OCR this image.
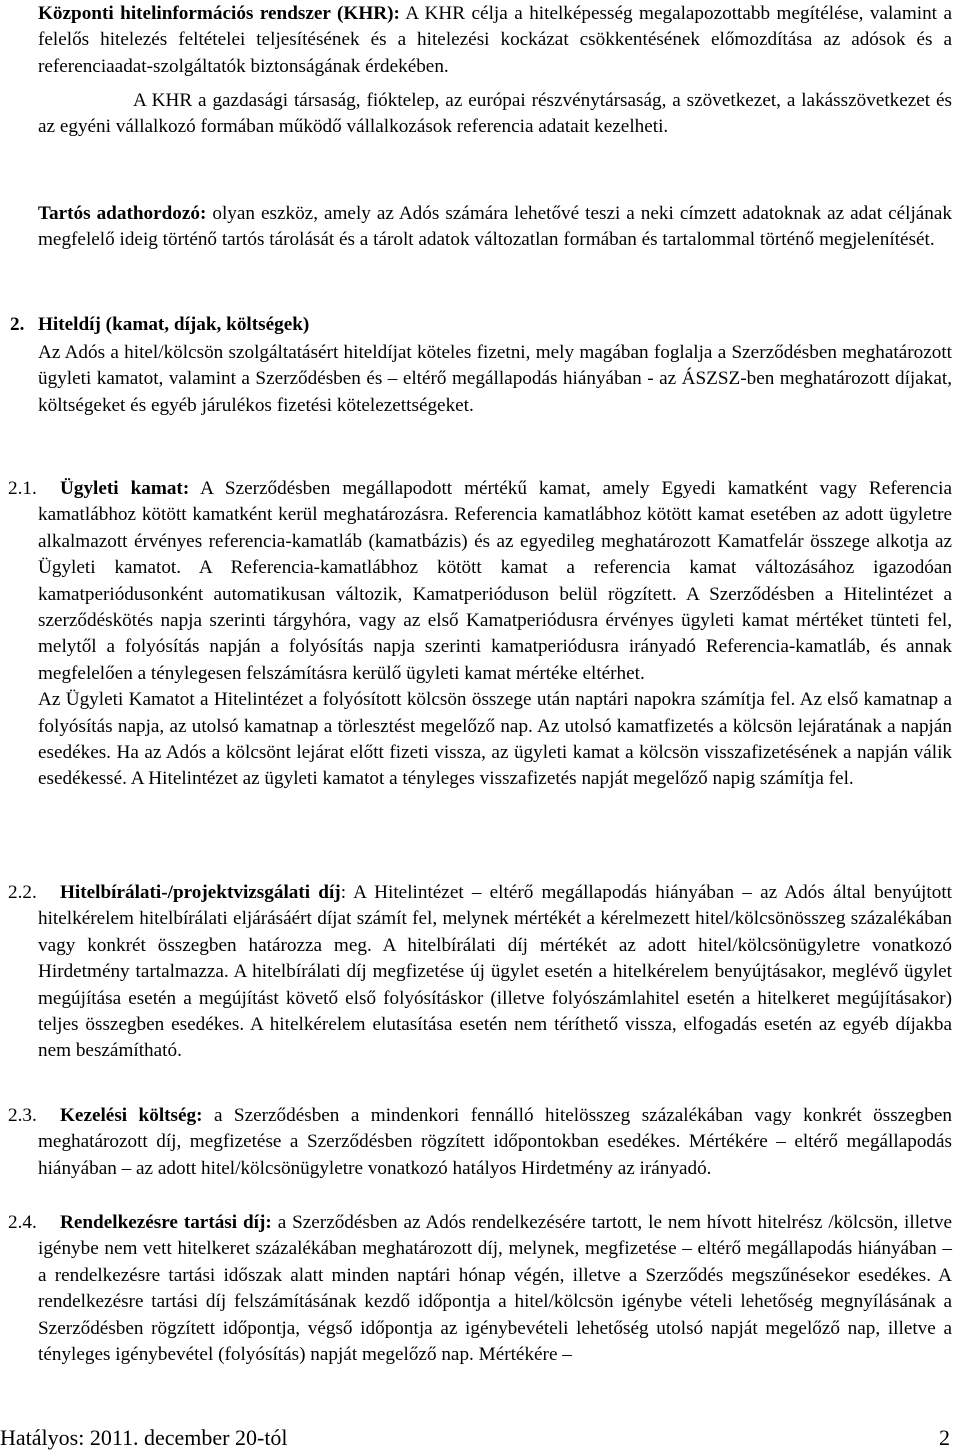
Központi hitelinformációs rendszer (KHR): A KHR célja a hitelképesség megalapozottabb megítélése, valamint a felelős hitelezés feltételei teljesítésének és a hitelezési kockázat csökkentésének előmozdítása az adósok és a referenciaadat-szolgáltatók biztonságának érdekében.

A KHR a gazdasági társaság, fióktelep, az európai részvénytársaság, a szövetkezet, a lakásszövetkezet és az egyéni vállalkozó formában működő vállalkozások referencia adatait kezelheti.

Tartós adathordozó: olyan eszköz, amely az Adós számára lehetővé teszi a neki címzett adatoknak az adat céljának megfelelő ideig történő tartós tárolását és a tárolt adatok változatlan formában és tartalommal történő megjelenítését.

2. Hiteldíj (kamat, díjak, költségek)

Az Adós a hitel/kölcsön szolgáltatásért hiteldíjat köteles fizetni, mely magában foglalja a Szerződésben meghatározott ügyleti kamatot, valamint a Szerződésben és – eltérő megállapodás hiányában - az ÁSZSZ-ben meghatározott díjakat, költségeket és egyéb járulékos fizetési kötelezettségeket.

2.1.	Ügyleti kamat: A Szerződésben megállapodott mértékű kamat, amely Egyedi kamatként vagy Referencia kamatlábhoz kötött kamatként kerül meghatározásra. Referencia kamatlábhoz kötött kamat esetében az adott ügyletre alkalmazott érvényes referencia-kamatláb (kamatbázis) és az egyedileg meghatározott Kamatfelár összege alkotja az Ügyleti kamatot. A Referencia-kamatlábhoz kötött kamat a referencia kamat változásához igazodóan kamatperiódusonként automatikusan változik, Kamatperióduson belül rögzített. A Szerződésben a Hitelintézet a szerződéskötés napja szerinti tárgyhóra, vagy az első Kamatperiódusra érvényes ügyleti kamat mértéket tünteti fel, melytől a folyósítás napján a folyósítás napja szerinti kamatperiódusra irányadó Referencia-kamatláb, és annak megfelelően a ténylegesen felszámításra kerülő ügyleti kamat mértéke eltérhet.

Az Ügyleti Kamatot a Hitelintézet a folyósított kölcsön összege után naptári napokra számítja fel. Az első kamatnap a folyósítás napja, az utolsó kamatnap a törlesztést megelőző nap. Az utolsó kamatfizetés a kölcsön lejáratának a napján esedékes. Ha az Adós a kölcsönt lejárat előtt fizeti vissza, az ügyleti kamat a kölcsön visszafizetésének a napján válik esedékessé. A Hitelintézet az ügyleti kamatot a tényleges visszafizetés napját megelőző napig számítja fel.

2.2.	Hitelbírálati-/projektvizsgálati díj: A Hitelintézet – eltérő megállapodás hiányában – az Adós által benyújtott hitelkérelem hitelbírálati eljárásáért díjat számít fel, melynek mértékét a kérelmezett hitel/kölcsönösszeg százalékában vagy konkrét összegben határozza meg. A hitelbírálati díj mértékét az adott hitel/kölcsönügyletre vonatkozó Hirdetmény tartalmazza. A hitelbírálati díj megfizetése új ügylet esetén a hitelkérelem benyújtásakor, meglévő ügylet megújítása esetén a megújítást követő első folyósításkor (illetve folyószámlahitel esetén a hitelkeret megújításakor) teljes összegben esedékes. A hitelkérelem elutasítása esetén nem téríthető vissza, elfogadás esetén az egyéb díjakba nem beszámítható.

2.3.	Kezelési költség: a Szerződésben a mindenkori fennálló hitelösszeg százalékában vagy konkrét összegben meghatározott díj, megfizetése a Szerződésben rögzített időpontokban esedékes. Mértékére – eltérő megállapodás hiányában – az adott hitel/kölcsönügyletre vonatkozó hatályos Hirdetmény az irányadó.

2.4.	Rendelkezésre tartási díj: a Szerződésben az Adós rendelkezésére tartott, le nem hívott hitelrész /kölcsön, illetve igénybe nem vett hitelkeret százalékában meghatározott díj, melynek, megfizetése – eltérő megállapodás hiányában – a rendelkezésre tartási időszak alatt minden naptári hónap végén, illetve a Szerződés megszűnésekor esedékes. A rendelkezésre tartási díj felszámításának kezdő időpontja a hitel/kölcsön igénybe vételi lehetőség megnyílásának a Szerződésben rögzített időpontja, végső időpontja az igénybevételi lehetőség utolsó napját megelőző nap, illetve a tényleges igénybevétel (folyósítás) napját megelőző nap. Mértékére –

Hatályos: 2011. december 20-tól	2
